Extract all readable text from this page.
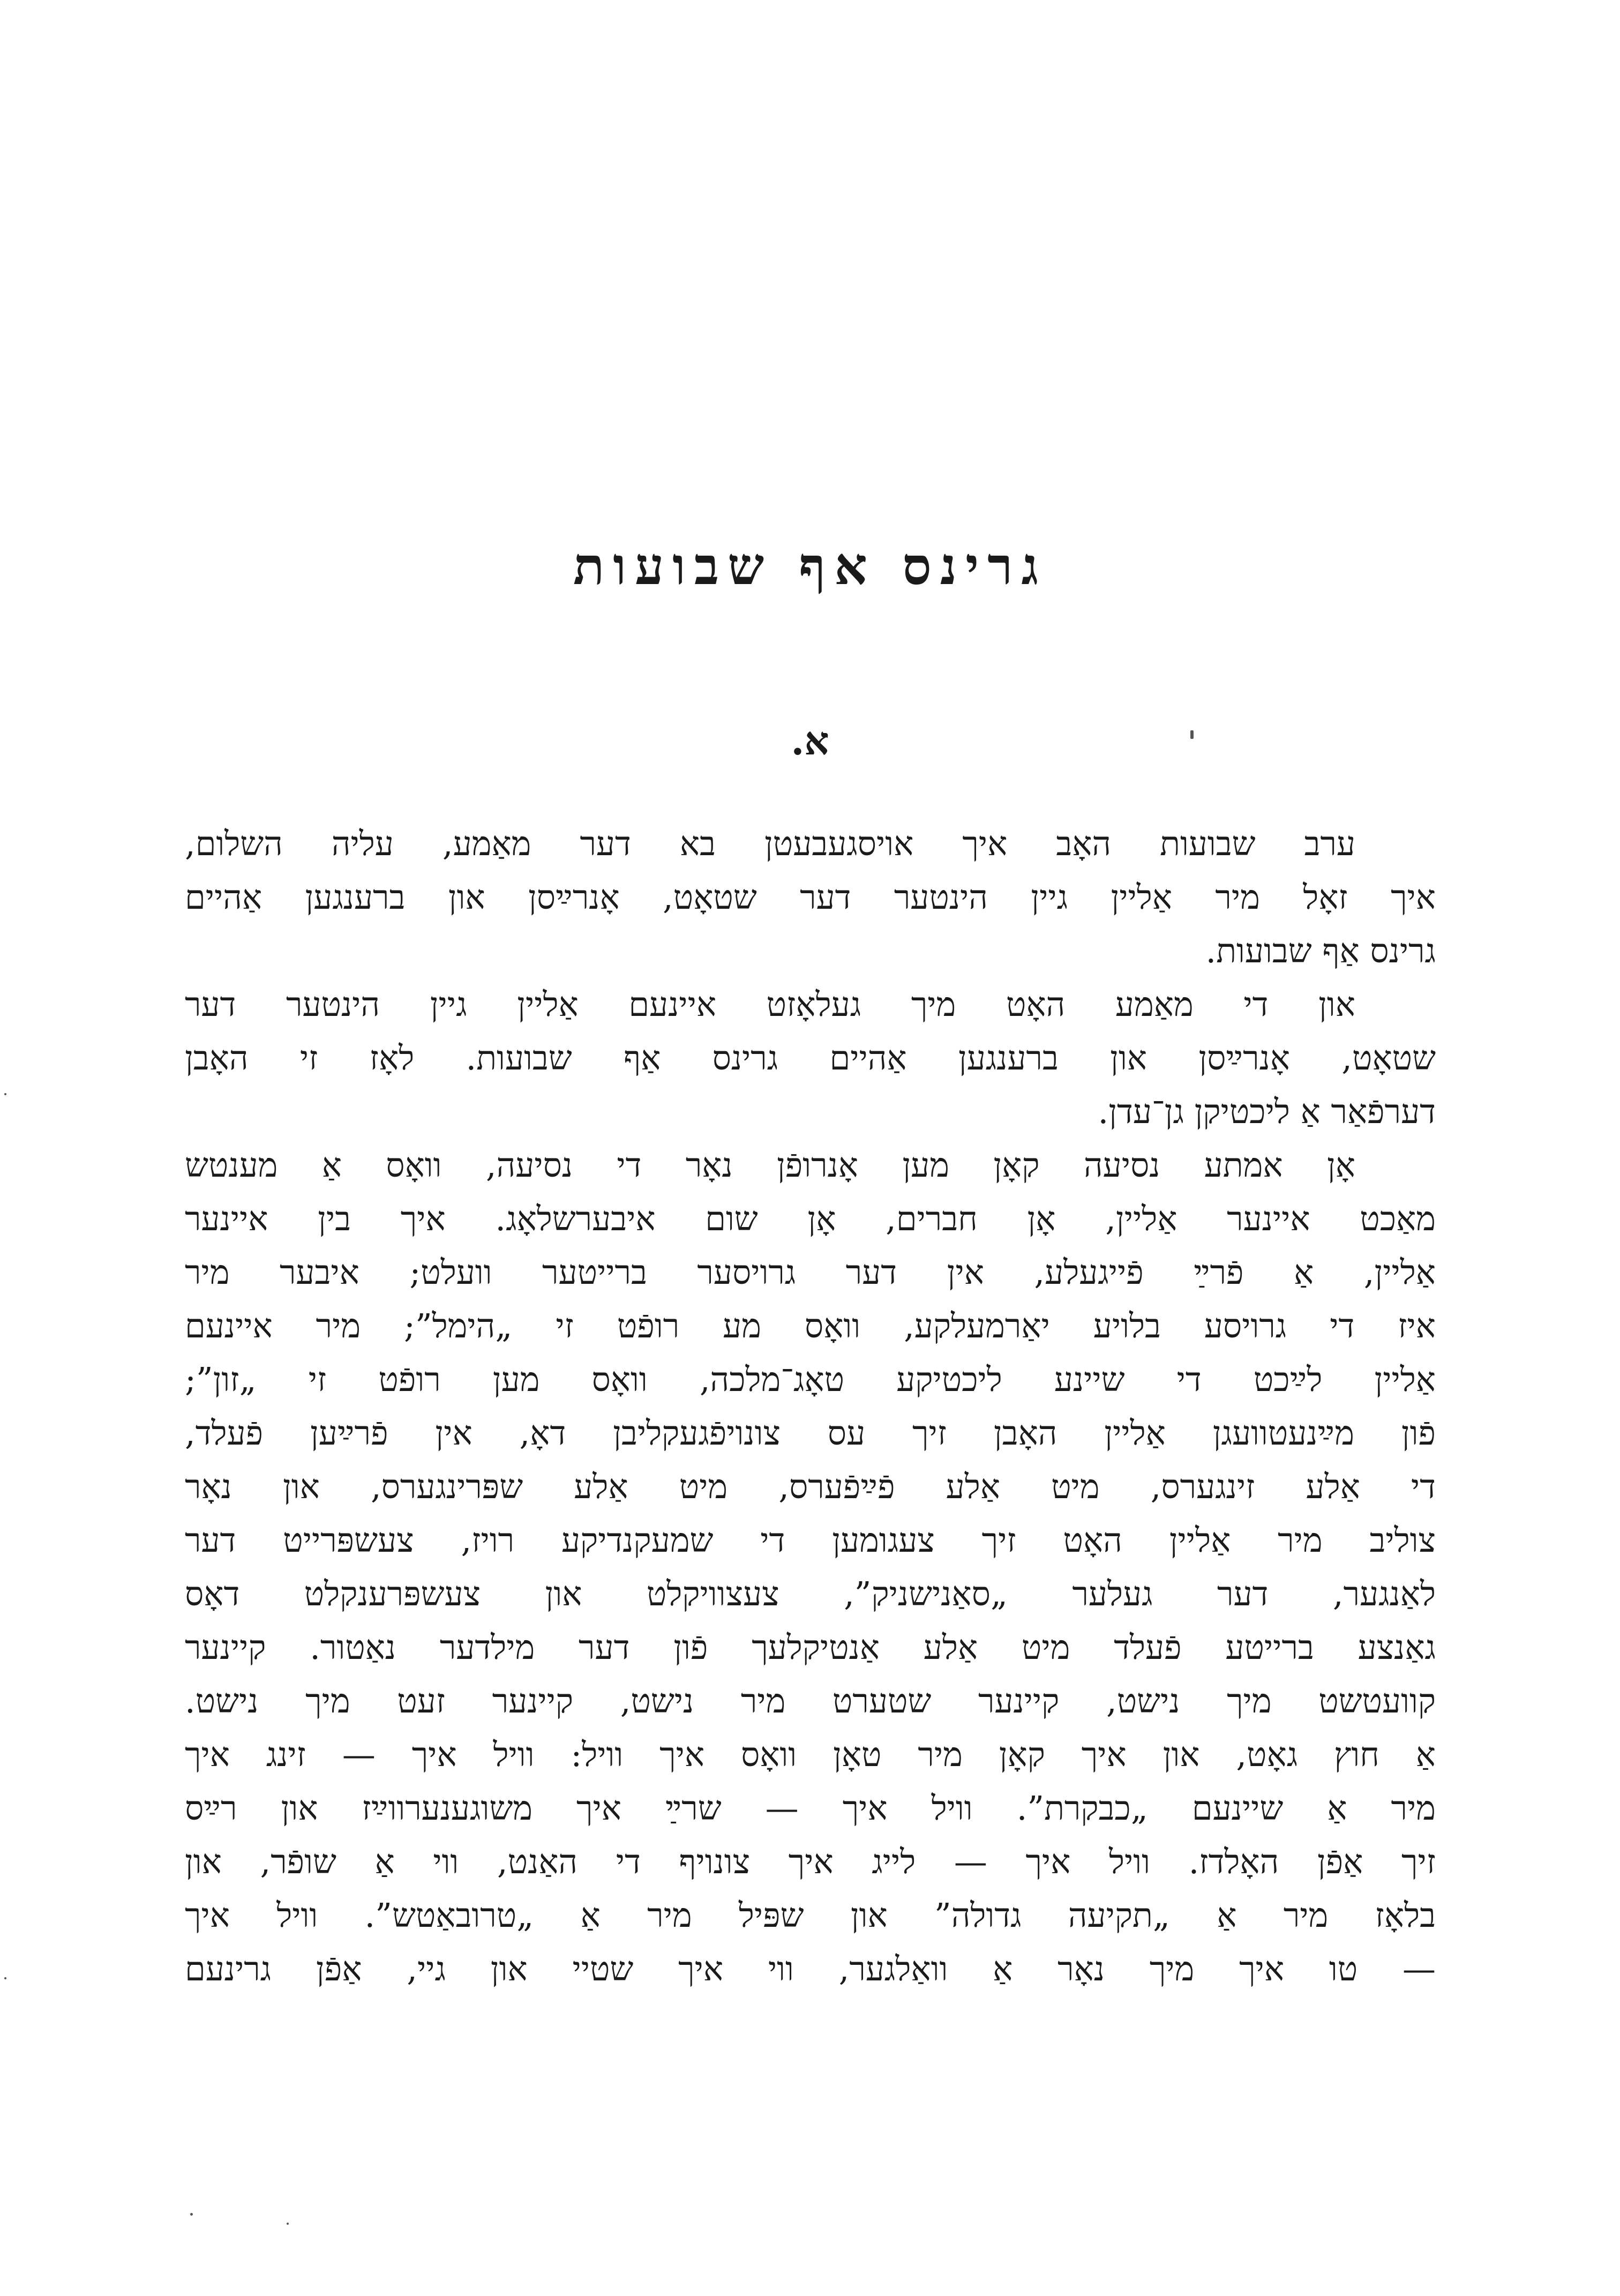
גרינס אף שבועות
א.
ערב שבועות האָב איך אויסגעבעטן בא דער מאַמע, עליה השלום,
איך זאָל מיר אַליין גיין הינטער דער שטאָט, אָנרײַסן און ברענגען אַהיים
גרינס אַף שבועות.
און די מאַמע האָט מיך געלאָזט איינעם אַליין גיין הינטער דער
שטאָט, אָנרײַסן און ברענגען אַהיים גרינס אַף שבועות. לאָז זי האָבן
דערפֿאַר אַ ליכטיקן גן־עדן.
אָן אמתע נסיעה קאָן מען אָנרופֿן נאָר די נסיעה, וואָס אַ מענטש
מאַכט איינער אַליין, אָן חברים, אָן שום איבערשלאָג. איך בין איינער
אַליין, אַ פֿרײַ פֿייגעלע, אין דער גרויסער ברייטער וועלט; איבער מיר
איז די גרויסע בלויע יאַרמעלקע, וואָס מע רופֿט זי „הימל”; מיר איינעם
אַליין לײַכט די שיינע ליכטיקע טאָג־מלכה, וואָס מען רופֿט זי „זון”;
פֿון מײַנעטוועגן אַליין האָבן זיך עס צונויפֿגעקליבן דאָ, אין פֿרײַען פֿעלד,
די אַלע זינגערס, מיט אַלע פֿײַפֿערס, מיט אַלע שפּרינגערס, און נאָר
צוליב מיר אַליין האָט זיך צעגומען די שמעקנדיקע רויז, צעשפּרייט דער
לאַנגער, דער געלער „סאַנישניק”, צעצוויקלט און צעשפּרענקלט דאָס
גאַנצע ברייטע פֿעלד מיט אַלע אַנטיקלעך פֿון דער מילדער נאַטור. קיינער
קוועטשט מיך נישט, קיינער שטערט מיר נישט, קיינער זעט מיך נישט.
אַ חוץ גאָט, און איך קאָן מיר טאָן וואָס איך וויל: וויל איך — זינג איך
מיר אַ שיינעם „כבקרת”. וויל איך — שרײַ איך משוגענערווײַז און רײַס
זיך אַפֿן האָלדז. וויל איך — לייג איך צונויף די האַנט, ווי אַ שופֿר, און
בלאָז מיר אַ „תקיעה גדולה” און שפּיל מיר אַ „טרובאַטש”. וויל איך
— טו איך מיך נאָר אַ וואַלגער, ווי איך שטיי און גיי, אַפֿן גרינעם
